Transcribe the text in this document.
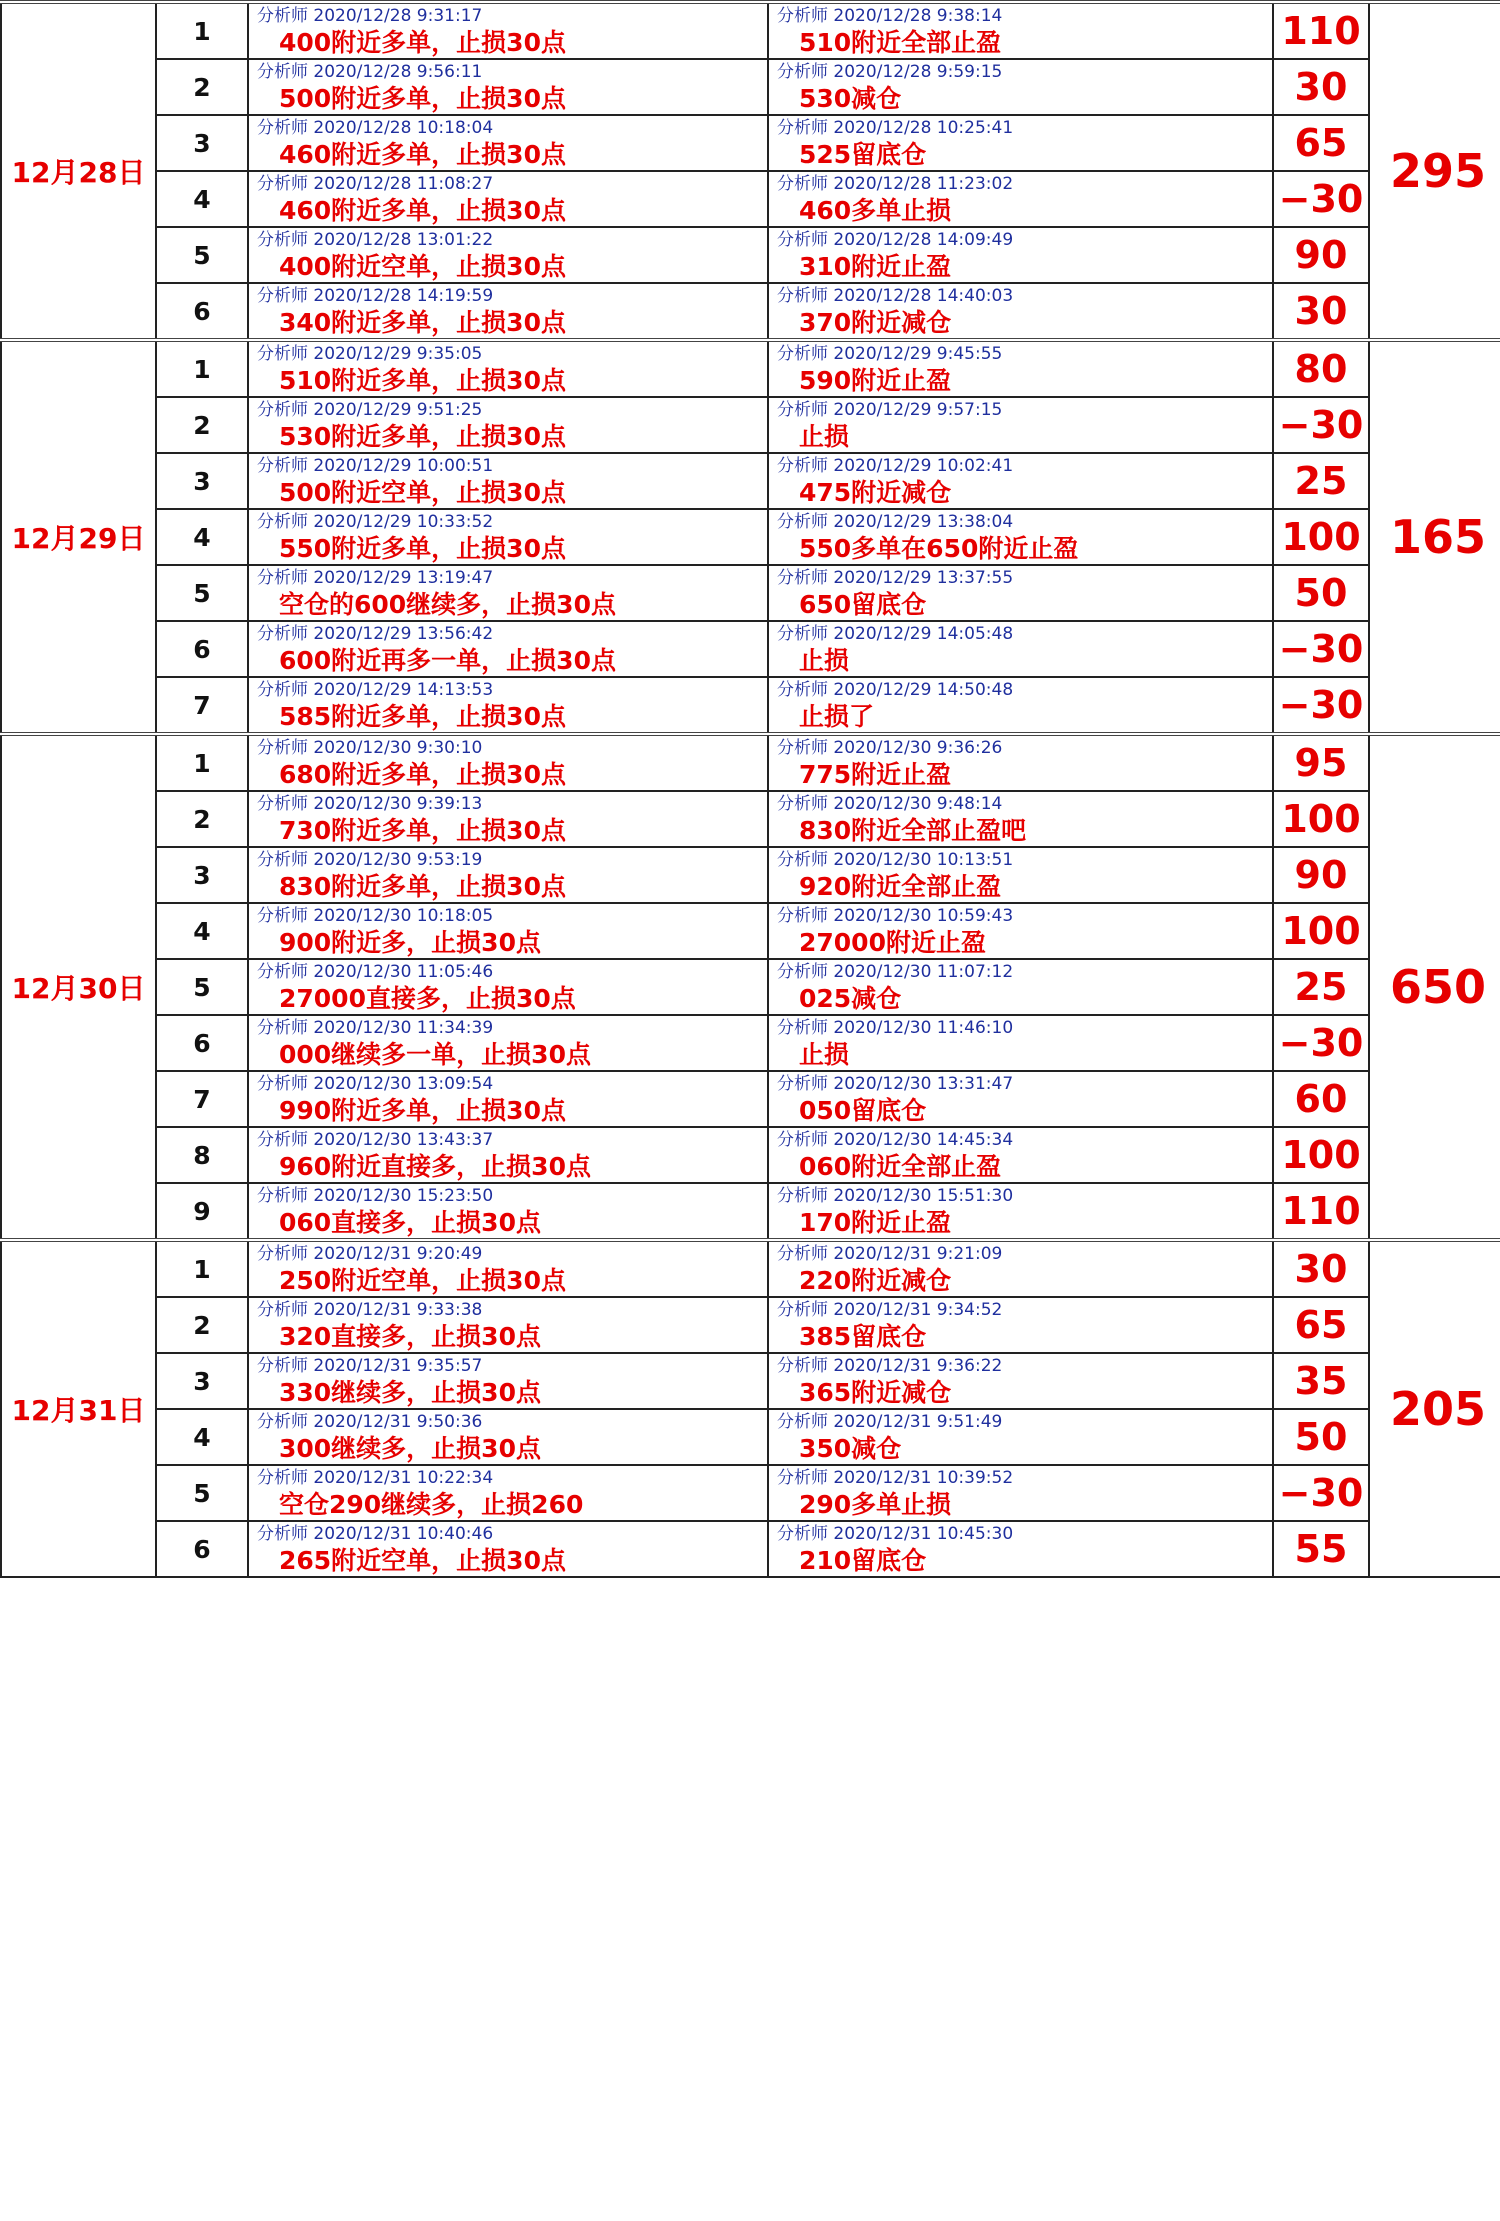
12月28日	1	分析师 2020/12/28 9:31:17
400附近多单，止损30点	分析师 2020/12/28 9:38:14
510附近全部止盈	110	295
	2	分析师 2020/12/28 9:56:11
500附近多单，止损30点	分析师 2020/12/28 9:59:15
530减仓	30	
	3	分析师 2020/12/28 10:18:04
460附近多单，止损30点	分析师 2020/12/28 10:25:41
525留底仓	65	
	4	分析师 2020/12/28 11:08:27
460附近多单，止损30点	分析师 2020/12/28 11:23:02
460多单止损	−30	
	5	分析师 2020/12/28 13:01:22
400附近空单，止损30点	分析师 2020/12/28 14:09:49
310附近止盈	90	
	6	分析师 2020/12/28 14:19:59
340附近多单，止损30点	分析师 2020/12/28 14:40:03
370附近减仓	30	
12月29日	1	分析师 2020/12/29 9:35:05
510附近多单，止损30点	分析师 2020/12/29 9:45:55
590附近止盈	80	165
	2	分析师 2020/12/29 9:51:25
530附近多单，止损30点	分析师 2020/12/29 9:57:15
止损	−30	
	3	分析师 2020/12/29 10:00:51
500附近空单，止损30点	分析师 2020/12/29 10:02:41
475附近减仓	25	
	4	分析师 2020/12/29 10:33:52
550附近多单，止损30点	分析师 2020/12/29 13:38:04
550多单在650附近止盈	100	
	5	分析师 2020/12/29 13:19:47
空仓的600继续多，止损30点	分析师 2020/12/29 13:37:55
650留底仓	50	
	6	分析师 2020/12/29 13:56:42
600附近再多一单，止损30点	分析师 2020/12/29 14:05:48
止损	−30	
	7	分析师 2020/12/29 14:13:53
585附近多单，止损30点	分析师 2020/12/29 14:50:48
止损了	−30	
12月30日	1	分析师 2020/12/30 9:30:10
680附近多单，止损30点	分析师 2020/12/30 9:36:26
775附近止盈	95	650
	2	分析师 2020/12/30 9:39:13
730附近多单，止损30点	分析师 2020/12/30 9:48:14
830附近全部止盈吧	100	
	3	分析师 2020/12/30 9:53:19
830附近多单，止损30点	分析师 2020/12/30 10:13:51
920附近全部止盈	90	
	4	分析师 2020/12/30 10:18:05
900附近多，止损30点	分析师 2020/12/30 10:59:43
27000附近止盈	100	
	5	分析师 2020/12/30 11:05:46
27000直接多，止损30点	分析师 2020/12/30 11:07:12
025减仓	25	
	6	分析师 2020/12/30 11:34:39
000继续多一单，止损30点	分析师 2020/12/30 11:46:10
止损	−30	
	7	分析师 2020/12/30 13:09:54
990附近多单，止损30点	分析师 2020/12/30 13:31:47
050留底仓	60	
	8	分析师 2020/12/30 13:43:37
960附近直接多，止损30点	分析师 2020/12/30 14:45:34
060附近全部止盈	100	
	9	分析师 2020/12/30 15:23:50
060直接多，止损30点	分析师 2020/12/30 15:51:30
170附近止盈	110	
12月31日	1	分析师 2020/12/31 9:20:49
250附近空单，止损30点	分析师 2020/12/31 9:21:09
220附近减仓	30	205
	2	分析师 2020/12/31 9:33:38
320直接多，止损30点	分析师 2020/12/31 9:34:52
385留底仓	65	
	3	分析师 2020/12/31 9:35:57
330继续多，止损30点	分析师 2020/12/31 9:36:22
365附近减仓	35	
	4	分析师 2020/12/31 9:50:36
300继续多，止损30点	分析师 2020/12/31 9:51:49
350减仓	50	
	5	分析师 2020/12/31 10:22:34
空仓290继续多，止损260	分析师 2020/12/31 10:39:52
290多单止损	−30	
	6	分析师 2020/12/31 10:40:46
265附近空单，止损30点	分析师 2020/12/31 10:45:30
210留底仓	55	
